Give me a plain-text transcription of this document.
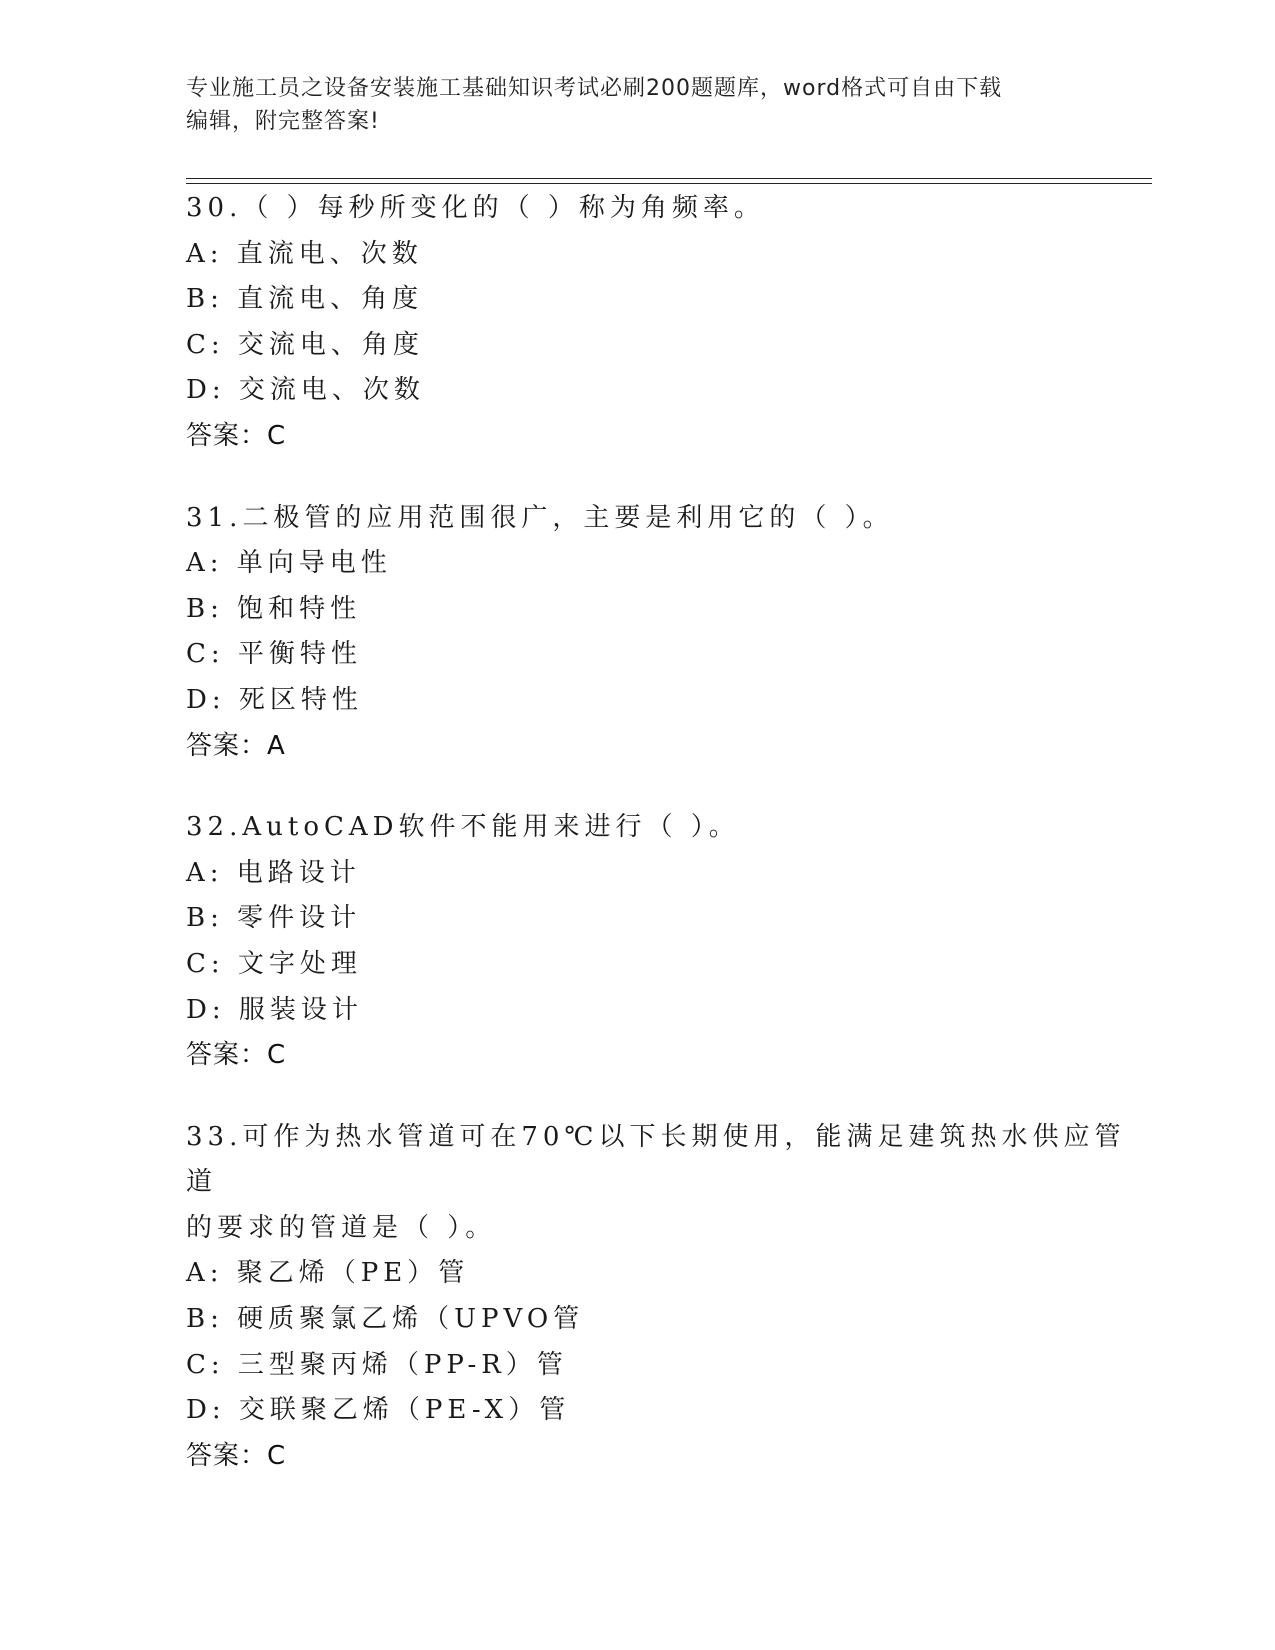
专业施工员之设备安装施工基础知识考试必刷200题题库，word格式可自由下载
编辑，附完整答案!
30.（ ）每秒所变化的（ ）称为角频率。
A: 直流电、次数
B: 直流电、角度
C: 交流电、角度
D: 交流电、次数
答案：C
31.二极管的应用范围很广，主要是利用它的（ ）。
A: 单向导电性
B: 饱和特性
C: 平衡特性
D: 死区特性
答案：A
32.AutoCAD软件不能用来进行（ ）。
A: 电路设计
B: 零件设计
C: 文字处理
D: 服装设计
答案：C
33.可作为热水管道可在70℃以下长期使用，能满足建筑热水供应管道
的要求的管道是（ ）。
A: 聚乙烯（PE）管
B: 硬质聚氯乙烯（UPVO管
C: 三型聚丙烯（PP-R）管
D: 交联聚乙烯（PE-X）管
答案：C
